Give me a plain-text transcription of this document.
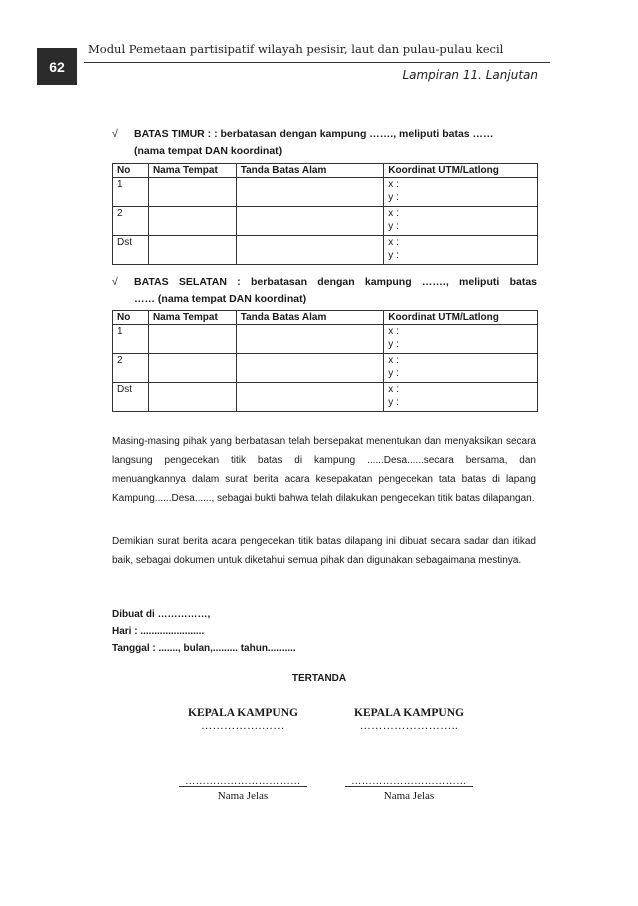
62
Modul Pemetaan partisipatif wilayah pesisir, laut dan pulau-pulau kecil
Lampiran 11. Lanjutan
√	BATAS TIMUR : : berbatasan dengan kampung ……., meliputi batas ……
(nama tempat DAN koordinat)
No	Nama Tempat	Tanda Batas Alam	Koordinat UTM/Latlong
1			x :
y :

2			x :
y :

Dst			x :
y :
√	BATAS SELATAN : berbatasan dengan kampung ……., meliputi batas
…… (nama tempat DAN koordinat)
No	Nama Tempat	Tanda Batas Alam	Koordinat UTM/Latlong
1			x :
y :

2			x :
y :

Dst			x :
y :
Masing-masing pihak yang berbatasan telah bersepakat menentukan dan menyaksikan secara langsung pengecekan titik batas di kampung ......Desa......secara bersama, dan menuangkannya dalam surat berita acara kesepakatan pengecekan tata batas di lapang Kampung......Desa......, sebagai bukti bahwa telah dilakukan pengecekan titik batas dilapangan.
Demikian surat berita acara pengecekan titik batas dilapang ini dibuat secara sadar dan itikad baik, sebagai dokumen untuk diketahui semua pihak dan digunakan sebagaimana mestinya.
Dibuat di ……………,
Hari : .......................
Tanggal : ......., bulan,......... tahun..........
TERTANDA
KEPALA KAMPUNG
…………….……
……………………………
Nama Jelas
KEPALA KAMPUNG
……………………..
……………………………
Nama Jelas
